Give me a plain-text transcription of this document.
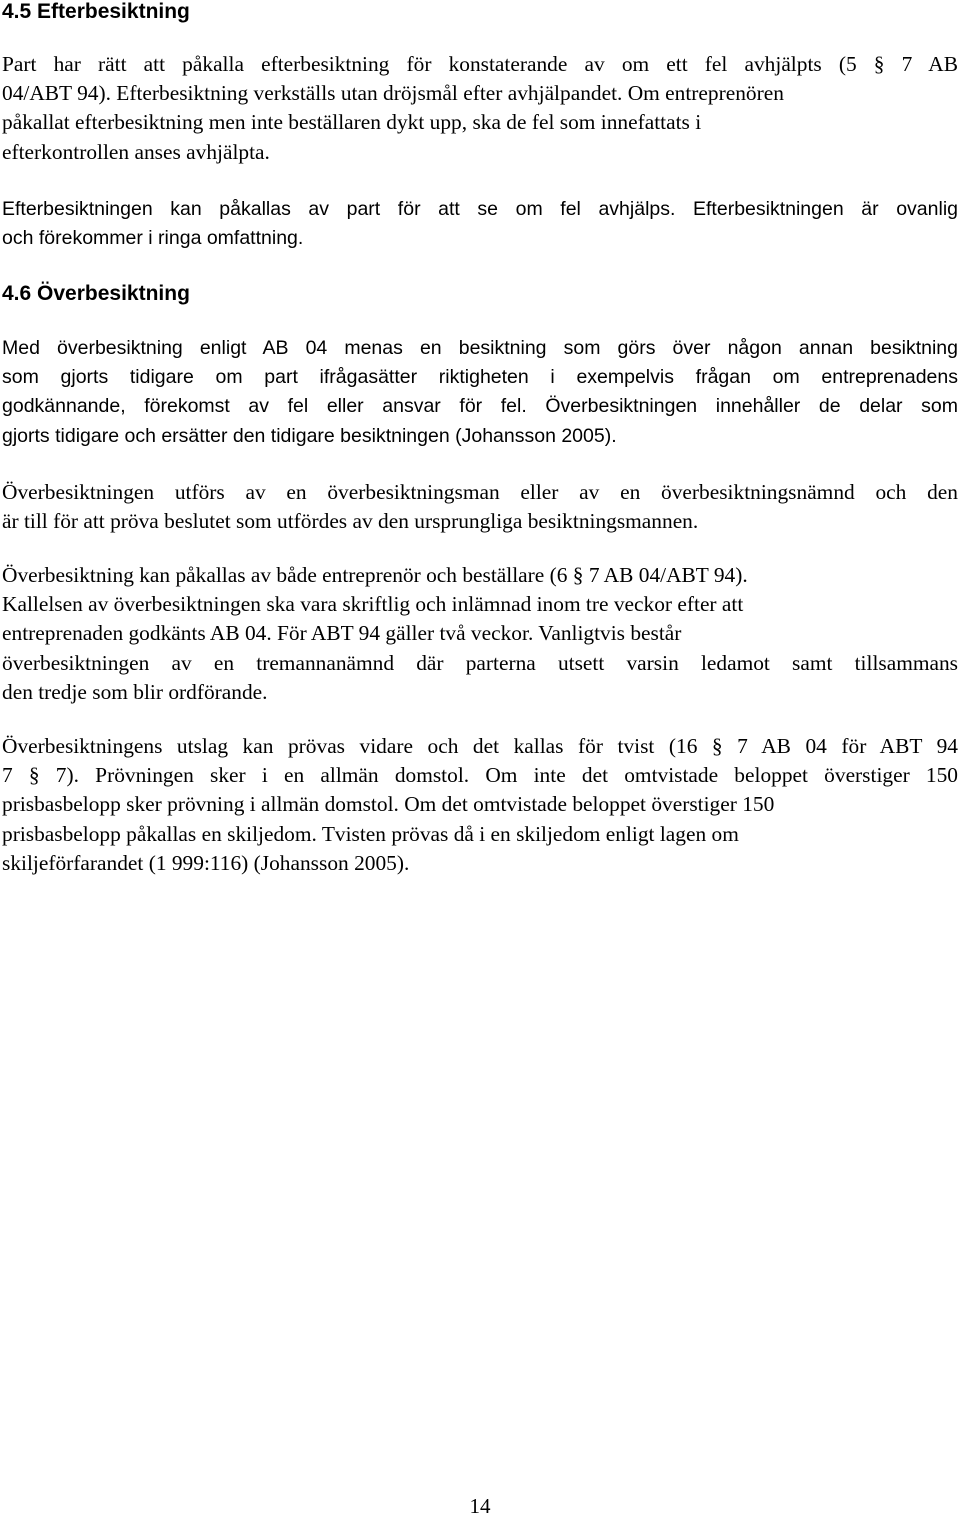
4.5 Efterbesiktning

Part har rätt att påkalla efterbesiktning för konstaterande av om ett fel avhjälpts (5 § 7 AB
04/ABT 94). Efterbesiktning verkställs utan dröjsmål efter avhjälpandet. Om entreprenören
påkallat efterbesiktning men inte beställaren dykt upp, ska de fel som innefattats i
efterkontrollen anses avhjälpta.

Efterbesiktningen kan påkallas av part för att se om fel avhjälps. Efterbesiktningen är ovanlig
och förekommer i ringa omfattning.

4.6 Överbesiktning

Med överbesiktning enligt AB 04 menas en besiktning som görs över någon annan besiktning
som gjorts tidigare om part ifrågasätter riktigheten i exempelvis frågan om entreprenadens
godkännande, förekomst av fel eller ansvar för fel. Överbesiktningen innehåller de delar som
gjorts tidigare och ersätter den tidigare besiktningen (Johansson 2005).

Överbesiktningen utförs av en överbesiktningsman eller av en överbesiktningsnämnd och den
är till för att pröva beslutet som utfördes av den ursprungliga besiktningsmannen.

Överbesiktning kan påkallas av både entreprenör och beställare (6 § 7 AB 04/ABT 94).
Kallelsen av överbesiktningen ska vara skriftlig och inlämnad inom tre veckor efter att
entreprenaden godkänts AB 04. För ABT 94 gäller två veckor. Vanligtvis består
överbesiktningen av en tremannanämnd där parterna utsett varsin ledamot samt tillsammans
den tredje som blir ordförande.

Överbesiktningens utslag kan prövas vidare och det kallas för tvist (16 § 7 AB 04 för ABT 94
7 § 7). Prövningen sker i en allmän domstol. Om inte det omtvistade beloppet överstiger 150
prisbasbelopp sker prövning i allmän domstol. Om det omtvistade beloppet överstiger 150
prisbasbelopp påkallas en skiljedom. Tvisten prövas då i en skiljedom enligt lagen om
skiljeförfarandet (1 999:116) (Johansson 2005).

14
